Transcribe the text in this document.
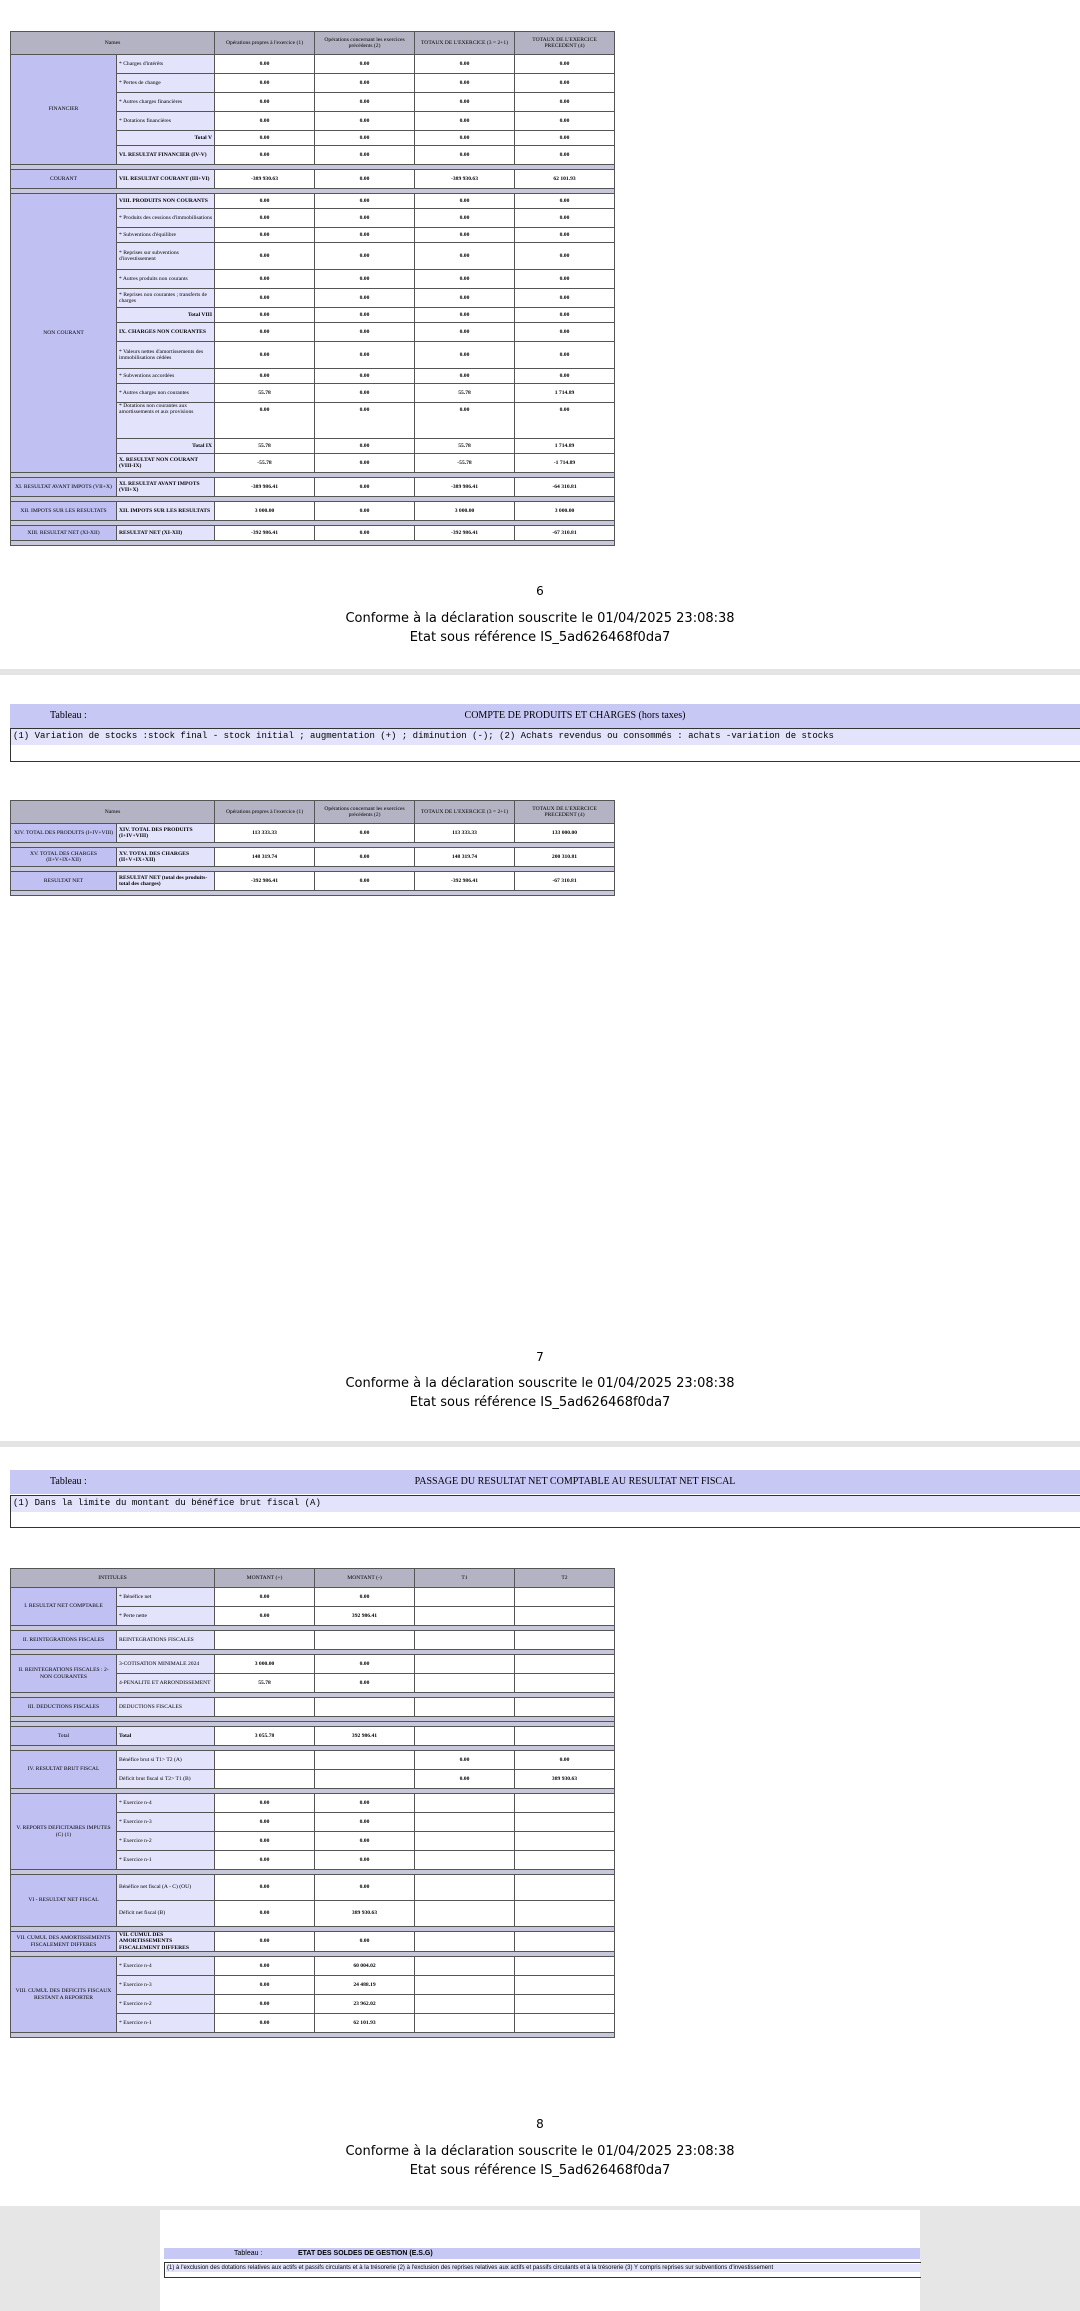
Names		Opérations propres à l'exercice (1)	Opérations concernant les exercices précédents (2)	TOTAUX DE L'EXERCICE (3 = 2+1)	TOTAUX DE L'EXERCICE PRECEDENT (4)
FINANCIER	* Charges d'intérêts	0.00	0.00	0.00	0.00
	* Pertes de change	0.00	0.00	0.00	0.00
	* Autres charges financières	0.00	0.00	0.00	0.00
	* Dotations financières	0.00	0.00	0.00	0.00
	Total V	0.00	0.00	0.00	0.00
	VI. RESULTAT FINANCIER (IV-V)	0.00	0.00	0.00	0.00

COURANT	VII. RESULTAT COURANT (III+VI)	-389 930.63	0.00	-389 930.63	62 101.93

NON COURANT	VIII. PRODUITS NON COURANTS	0.00	0.00	0.00	0.00
	* Produits des cessions d'immobilisations	0.00	0.00	0.00	0.00
	* Subventions d'équilibre	0.00	0.00	0.00	0.00
	* Reprises sur subventions d'investissement	0.00	0.00	0.00	0.00
	* Autres produits non courants	0.00	0.00	0.00	0.00
	* Reprises non courantes ; transferts de charges	0.00	0.00	0.00	0.00
	Total VIII	0.00	0.00	0.00	0.00
	IX. CHARGES NON COURANTES	0.00	0.00	0.00	0.00
	* Valeurs nettes d'amortissements des immobilisations cédées	0.00	0.00	0.00	0.00
	* Subventions accordées	0.00	0.00	0.00	0.00
	* Autres charges non courantes	55.78	0.00	55.78	1 714.89
	* Dotations non courantes aux amortissements et aux provisions	0.00	0.00	0.00	0.00
	Total IX	55.78	0.00	55.78	1 714.89
	X. RESULTAT NON COURANT (VIII-IX)	-55.78	0.00	-55.78	-1 714.89

XI. RESULTAT AVANT IMPOTS (VII+X)	XI. RESULTAT AVANT IMPOTS (VII+X)	-389 986.41	0.00	-389 986.41	-64 310.81

XII. IMPOTS SUR LES RESULTATS	XII. IMPOTS SUR LES RESULTATS	3 000.00	0.00	3 000.00	3 000.00

XIII. RESULTAT NET (XI-XII)	RESULTAT NET (XI-XII)	-392 986.41	0.00	-392 986.41	-67 310.81

6
Conforme à la déclaration souscrite le 01/04/2025 23:08:38
Etat sous référence IS_5ad626468f0da7
Tableau :	COMPTE DE PRODUITS ET CHARGES (hors taxes)
(1) Variation de stocks :stock final - stock initial ; augmentation (+) ; diminution (-); (2) Achats revendus ou consommés : achats -variation de stocks
Names		Opérations propres à l'exercice (1)	Opérations concernant les exercices précédents (2)	TOTAUX DE L'EXERCICE (3 = 2+1)	TOTAUX DE L'EXERCICE PRECEDENT (4)
XIV. TOTAL DES PRODUITS (I+IV+VIII)	XIV. TOTAL DES PRODUITS (I+IV+VIII)	113 333.33	0.00	113 333.33	133 000.00

XV. TOTAL DES CHARGES (II+V+IX+XII)	XV. TOTAL DES CHARGES (II+V+IX+XII)	148 319.74	0.00	148 319.74	200 310.81

RESULTAT NET	RESULTAT NET (total des produits-total des charges)	-392 986.41	0.00	-392 986.41	-67 310.81

7
Conforme à la déclaration souscrite le 01/04/2025 23:08:38
Etat sous référence IS_5ad626468f0da7
Tableau :	PASSAGE DU RESULTAT NET COMPTABLE AU RESULTAT NET FISCAL
(1) Dans la limite du montant du bénéfice brut fiscal (A)
INTITULES		MONTANT (+)	MONTANT (-)	T1	T2
I. RESULTAT NET COMPTABLE	* Bénéfice net	0.00	0.00		
	* Perte nette	0.00	392 986.41		

II. REINTEGRATIONS FISCALES	REINTEGRATIONS FISCALES				

II. REINTEGRATIONS FISCALES : 2- NON COURANTES	3-COTISATION MINIMALE 2024	3 000.00	0.00		
	4-PENALITE ET ARRONDISSEMENT	55.78	0.00		

III. DEDUCTIONS FISCALES	DEDUCTIONS FISCALES				

Total	Total	3 055.78	392 986.41		

IV. RESULTAT BRUT FISCAL	Bénéfice brut si T1> T2 (A)			0.00	0.00
	Déficit brut fiscal si T2> T1 (B)			0.00	389 930.63

V. REPORTS DEFICITAIRES IMPUTES (C) (1)	* Exercice n-4	0.00	0.00		
	* Exercice n-3	0.00	0.00		
	* Exercice n-2	0.00	0.00		
	* Exercice n-1	0.00	0.00		

VI - RESULTAT NET FISCAL	Bénéfice net fiscal (A - C) (OU)	0.00	0.00		
	Déficit net fiscal (B)	0.00	389 930.63		

VII. CUMUL DES AMORTISSEMENTS FISCALEMENT DIFFERES	VII. CUMUL DES AMORTISSEMENTS FISCALEMENT DIFFERES	0.00	0.00		

VIII. CUMUL DES DEFICITS FISCAUX RESTANT A REPORTER	* Exercice n-4	0.00	60 004.02		
	* Exercice n-3	0.00	24 488.19		
	* Exercice n-2	0.00	23 962.02		
	* Exercice n-1	0.00	62 101.93		

8
Conforme à la déclaration souscrite le 01/04/2025 23:08:38
Etat sous référence IS_5ad626468f0da7
Tableau :	ETAT DES SOLDES DE GESTION (E.S.G)
(1) à l'exclusion des dotations relatives aux actifs et passifs circulants et à la trésorerie (2) à l'exclusion des reprises relatives aux actifs et passifs circulants et à la trésorerie (3) Y compris reprises sur subventions d'investissement
